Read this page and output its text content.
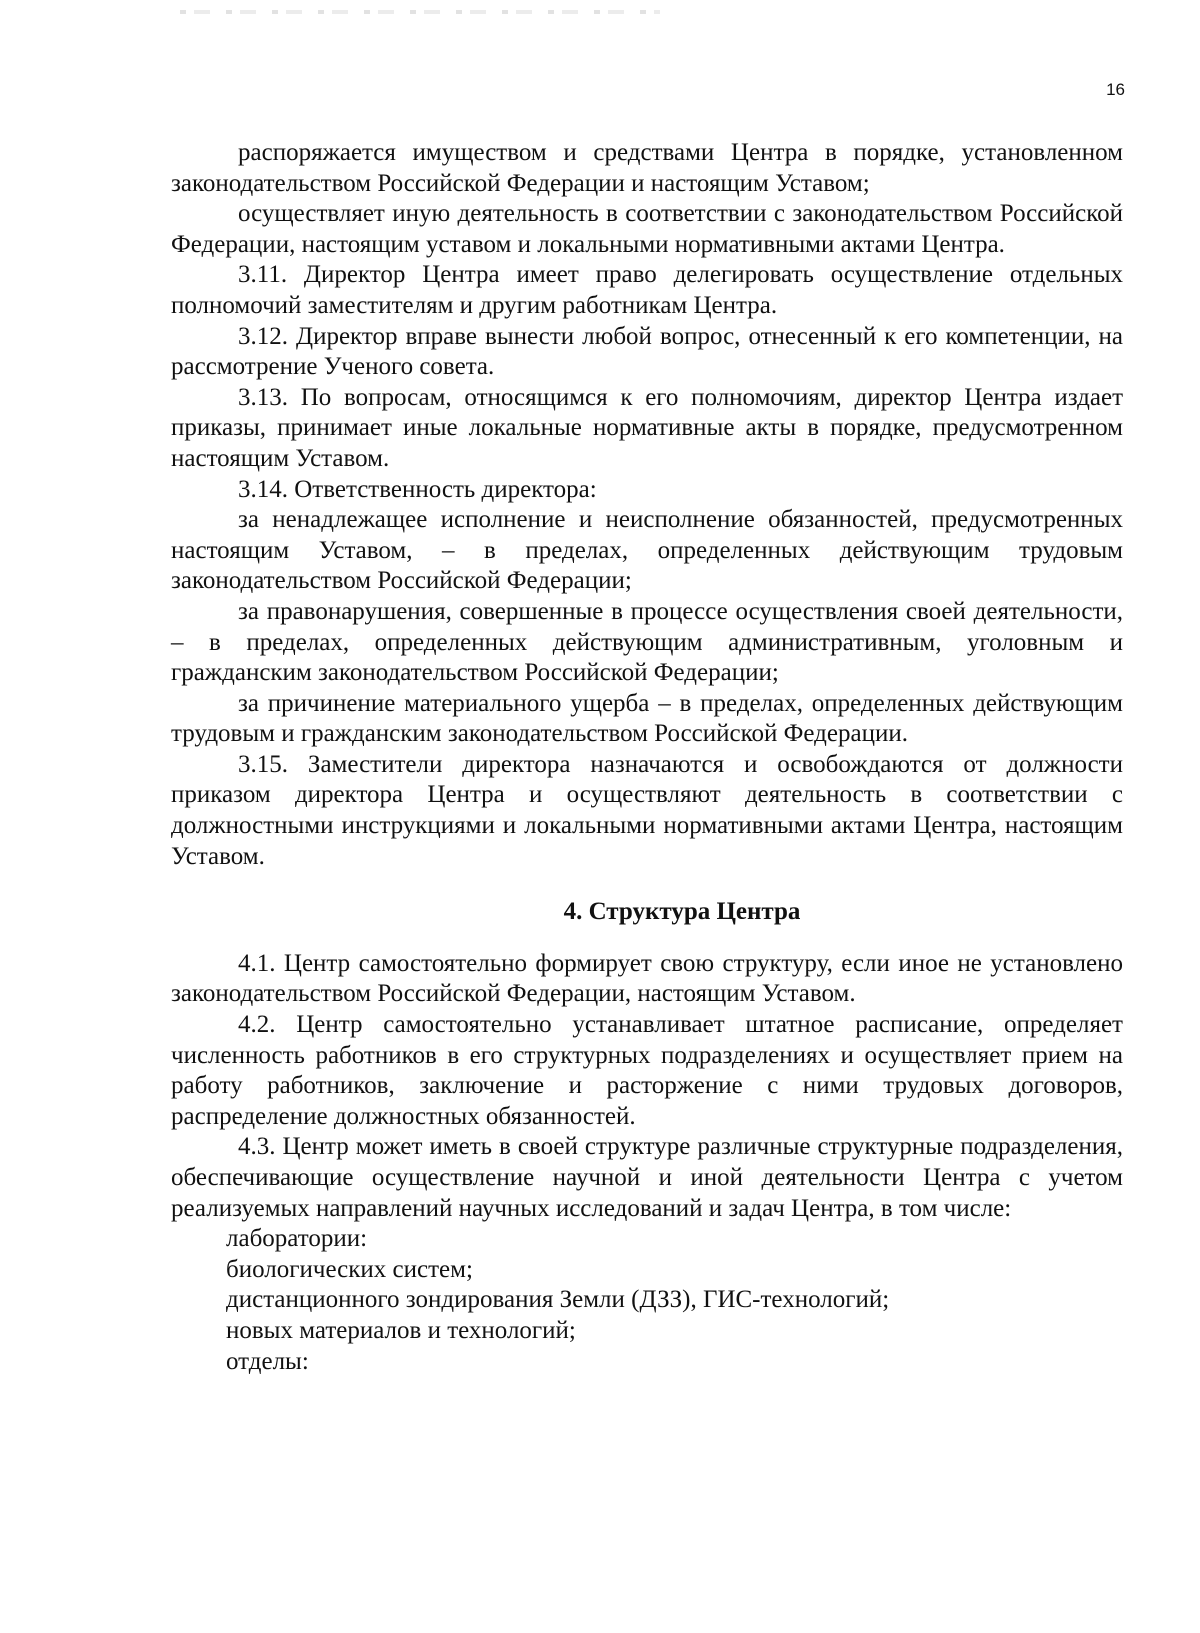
16

распоряжается имуществом и средствами Центра в порядке, установленном законодательством Российской Федерации и настоящим Уставом;

осуществляет иную деятельность в соответствии с законодательством Российской Федерации, настоящим уставом и локальными нормативными актами Центра.

3.11. Директор Центра имеет право делегировать осуществление отдельных полномочий заместителям и другим работникам Центра.

3.12. Директор вправе вынести любой вопрос, отнесенный к его компетенции, на рассмотрение Ученого совета.

3.13. По вопросам, относящимся к его полномочиям, директор Центра издает приказы, принимает иные локальные нормативные акты в порядке, предусмотренном настоящим Уставом.

3.14. Ответственность директора:

за ненадлежащее исполнение и неисполнение обязанностей, предусмотренных настоящим Уставом, – в пределах, определенных действующим трудовым законодательством Российской Федерации;

за правонарушения, совершенные в процессе осуществления своей деятельности, – в пределах, определенных действующим административным, уголовным и гражданским законодательством Российской Федерации;

за причинение материального ущерба – в пределах, определенных действующим трудовым и гражданским законодательством Российской Федерации.

3.15. Заместители директора назначаются и освобождаются от должности приказом директора Центра и осуществляют деятельность в соответствии с должностными инструкциями и локальными нормативными актами Центра, настоящим Уставом.

4. Структура Центра

4.1. Центр самостоятельно формирует свою структуру, если иное не установлено законодательством Российской Федерации, настоящим Уставом.

4.2. Центр самостоятельно устанавливает штатное расписание, определяет численность работников в его структурных подразделениях и осуществляет прием на работу работников, заключение и расторжение с ними трудовых договоров, распределение должностных обязанностей.

4.3. Центр может иметь в своей структуре различные структурные подразделения, обеспечивающие осуществление научной и иной деятельности Центра с учетом реализуемых направлений научных исследований и задач Центра, в том числе:

лаборатории:
биологических систем;
дистанционного зондирования Земли (ДЗЗ), ГИС-технологий;
новых материалов и технологий;
отделы:
